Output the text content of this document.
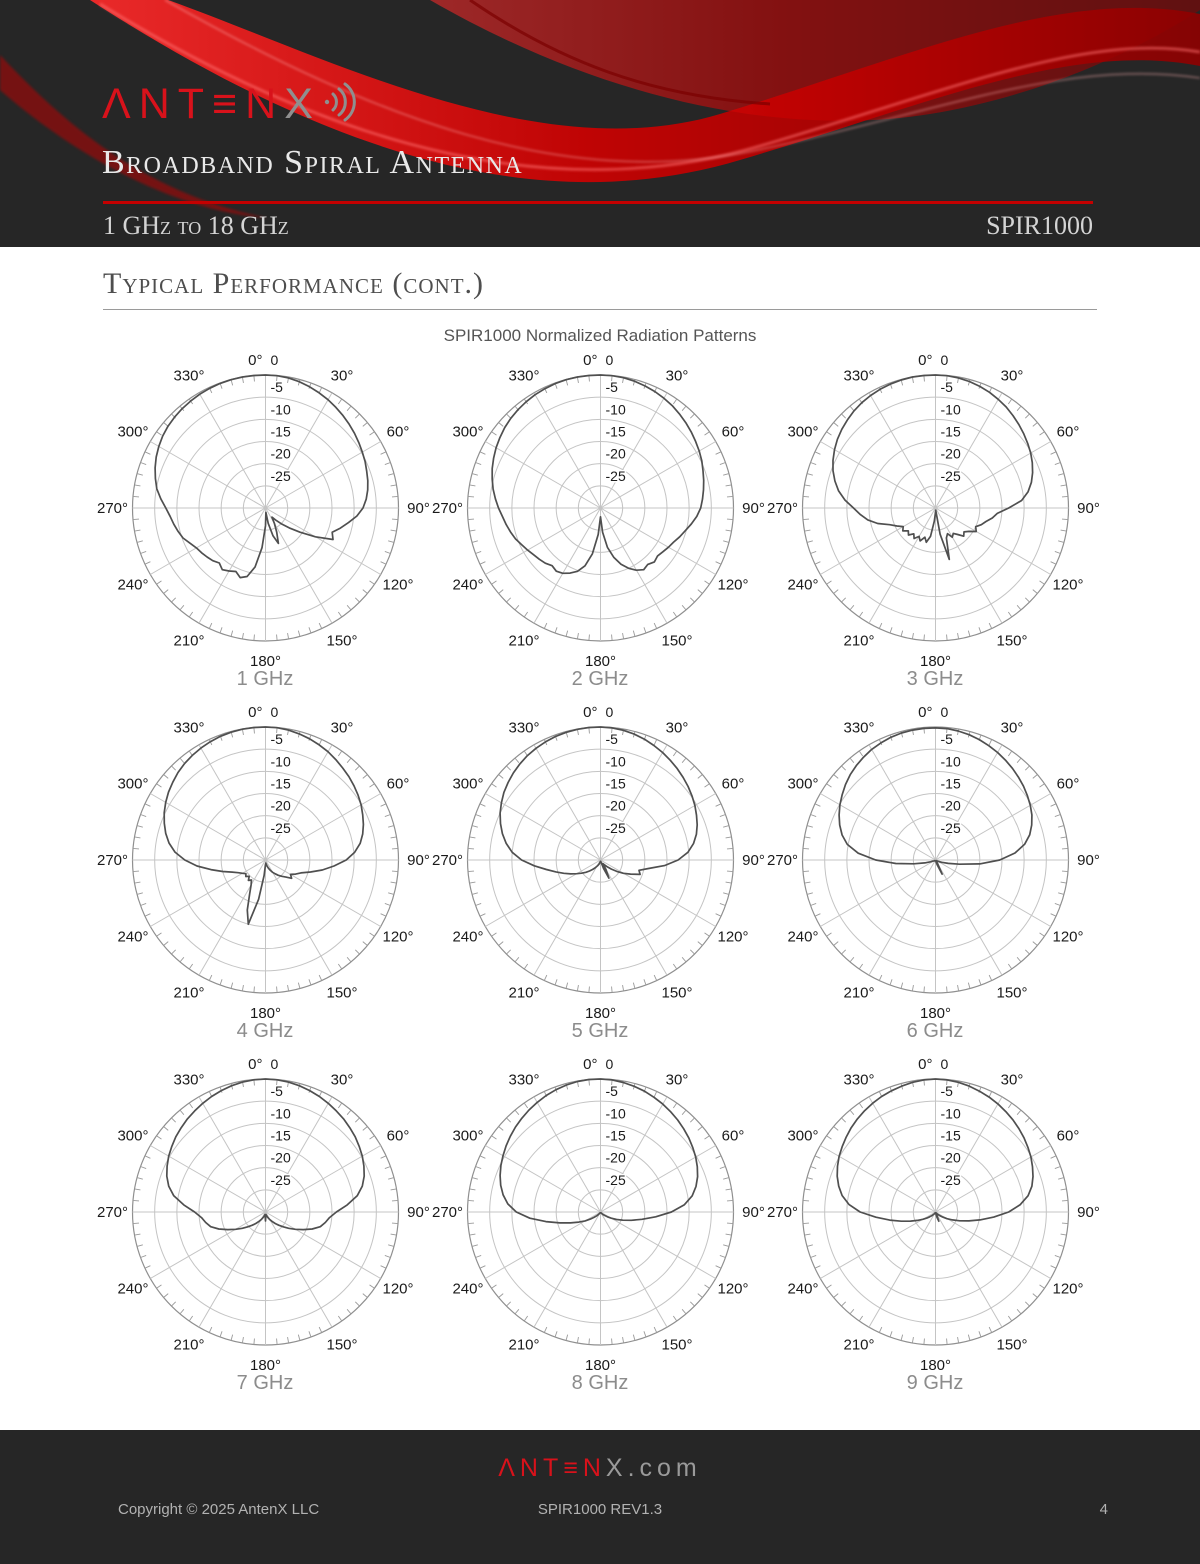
ΛNT≡NX
Broadband Spiral Antenna
1 GHz to 18 GHz	SPIR1000
Typical Performance (cont.)
SPIR1000 Normalized Radiation Patterns
0°
30°
60°
90°
120°
150°
180°
210°
240°
270°
300°
330°
0
-5
-10
-15
-20
-25
1 GHz
0°
30°
60°
90°
120°
150°
180°
210°
240°
270°
300°
330°
0
-5
-10
-15
-20
-25
2 GHz
0°
30°
60°
90°
120°
150°
180°
210°
240°
270°
300°
330°
0
-5
-10
-15
-20
-25
3 GHz
0°
30°
60°
90°
120°
150°
180°
210°
240°
270°
300°
330°
0
-5
-10
-15
-20
-25
4 GHz
0°
30°
60°
90°
120°
150°
180°
210°
240°
270°
300°
330°
0
-5
-10
-15
-20
-25
5 GHz
0°
30°
60°
90°
120°
150°
180°
210°
240°
270°
300°
330°
0
-5
-10
-15
-20
-25
6 GHz
0°
30°
60°
90°
120°
150°
180°
210°
240°
270°
300°
330°
0
-5
-10
-15
-20
-25
7 GHz
0°
30°
60°
90°
120°
150°
180°
210°
240°
270°
300°
330°
0
-5
-10
-15
-20
-25
8 GHz
0°
30°
60°
90°
120°
150°
180°
210°
240°
270°
300°
330°
0
-5
-10
-15
-20
-25
9 GHz
ΛNT≡NX.com
Copyright © 2025 AntenX LLC	SPIR1000 REV1.3	4
